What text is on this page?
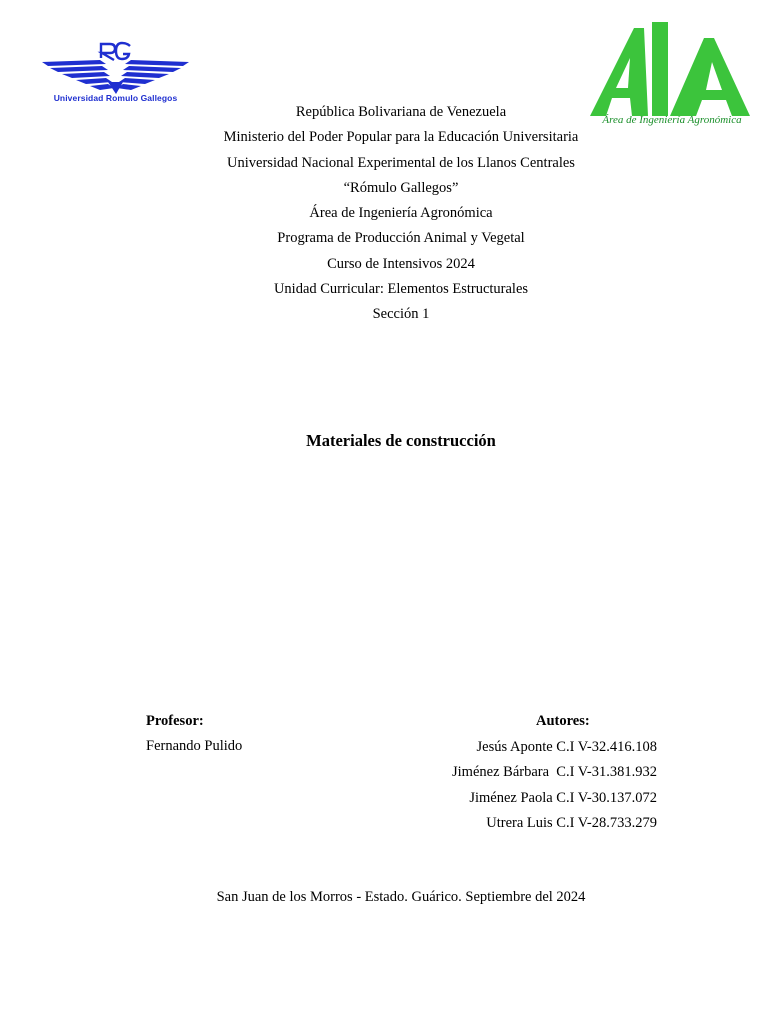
Universidad Romulo Gallegos
Área de Ingeniería Agronómica
República Bolivariana de Venezuela
Ministerio del Poder Popular para la Educación Universitaria
Universidad Nacional Experimental de los Llanos Centrales
“Rómulo Gallegos”
Área de Ingeniería Agronómica
Programa de Producción Animal y Vegetal
Curso de Intensivos 2024
Unidad Curricular: Elementos Estructurales
Sección 1
Materiales de construcción
Profesor:
Fernando Pulido
Autores:
Jesús Aponte C.I V-32.416.108
Jiménez Bárbara  C.I V-31.381.932
Jiménez Paola C.I V-30.137.072
Utrera Luis C.I V-28.733.279
San Juan de los Morros - Estado. Guárico. Septiembre del 2024
